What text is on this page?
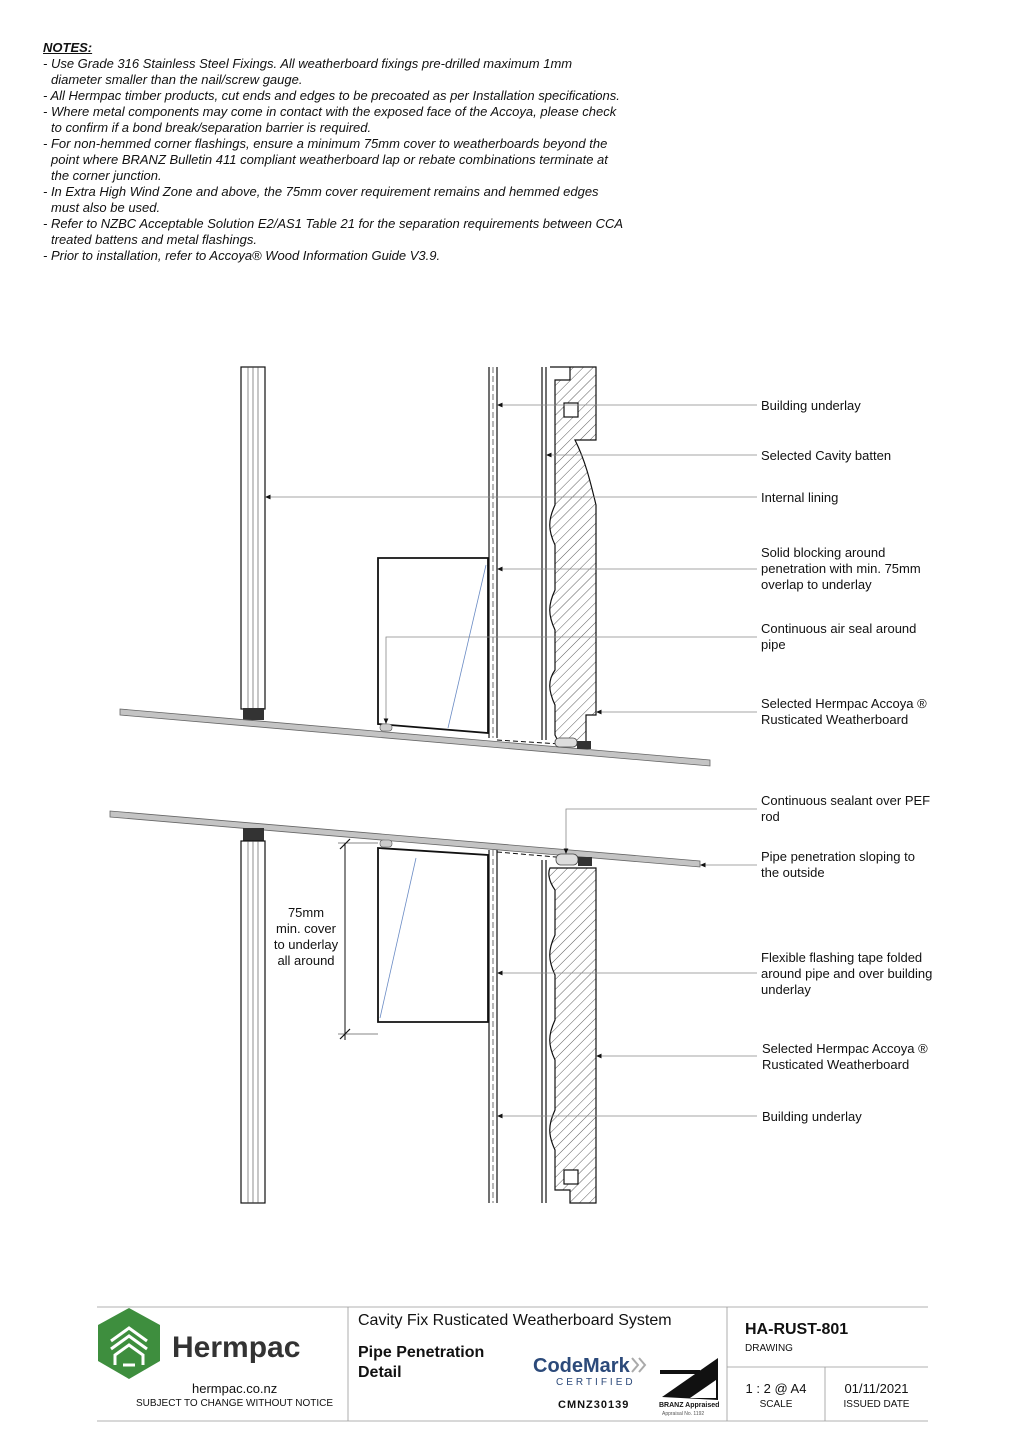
NOTES:
- Use Grade 316 Stainless Steel Fixings. All weatherboard fixings pre-drilled maximum 1mm
diameter smaller than the nail/screw gauge.
- All Hermpac timber products, cut ends and edges to be precoated as per Installation specifications.
- Where metal components may come in contact with the exposed face of the Accoya, please check
to confirm if a bond break/separation barrier is required.
- For non-hemmed corner flashings, ensure a minimum 75mm cover to weatherboards beyond the
point where BRANZ Bulletin 411 compliant weatherboard lap or rebate combinations terminate at
the corner junction.
- In Extra High Wind Zone and above, the 75mm cover requirement remains and hemmed edges
must also be used.
- Refer to NZBC Acceptable Solution E2/AS1 Table 21 for the separation requirements between CCA
treated battens and metal flashings.
- Prior to installation, refer to Accoya® Wood Information Guide V3.9.
75mm
min. cover
to underlay
all around
Building underlay
Selected Cavity batten
Internal lining
Solid blocking around
penetration with min. 75mm
overlap to underlay
Continuous air seal around
pipe
Selected Hermpac Accoya ®
Rusticated Weatherboard
Continuous sealant over PEF
rod
Pipe penetration sloping to
the outside
Flexible flashing tape folded
around pipe and over building
underlay
Selected Hermpac Accoya ®
Rusticated Weatherboard
Building underlay
Hermpac
hermpac.co.nz
SUBJECT TO CHANGE WITHOUT NOTICE
Cavity Fix Rusticated Weatherboard System
Pipe Penetration
Detail	CodeMark
CERTIFIED
CMNZ30139	BRANZ Appraised
Appraisal No. 1192
HA-RUST-801
DRAWING
1 : 2 @ A4
SCALE
01/11/2021
ISSUED DATE
